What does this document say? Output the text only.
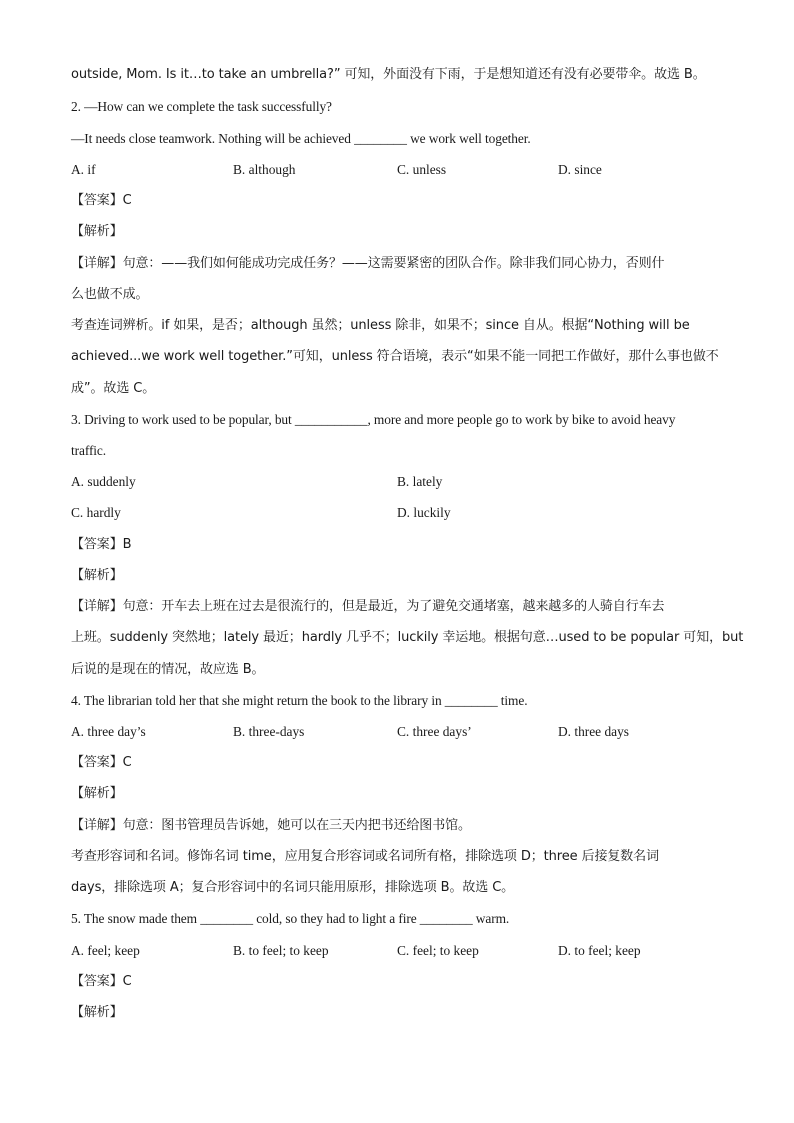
outside, Mom. Is it…to take an umbrella?” 可知，外面没有下雨，于是想知道还有没有必要带伞。故选 B。
2. —How can we complete the task successfully?
—It needs close teamwork. Nothing will be achieved ________ we work well together.
A. if	B. although	C. unless	D. since
【答案】C
【解析】
【详解】句意：——我们如何能成功完成任务？——这需要紧密的团队合作。除非我们同心协力，否则什
么也做不成。
考查连词辨析。if 如果，是否；although 虽然；unless 除非，如果不；since 自从。根据“Nothing will be
achieved...we work well together.”可知，unless 符合语境，表示“如果不能一同把工作做好，那什么事也做不
成”。故选 C。
3. Driving to work used to be popular, but ___________, more and more people go to work by bike to avoid heavy
traffic.
A. suddenly	B. lately
C. hardly	D. luckily
【答案】B
【解析】
【详解】句意：开车去上班在过去是很流行的，但是最近，为了避免交通堵塞，越来越多的人骑自行车去
上班。suddenly 突然地；lately 最近；hardly 几乎不；luckily 幸运地。根据句意…used to be popular 可知，but
后说的是现在的情况，故应选 B。
4. The librarian told her that she might return the book to the library in ________ time.
A. three day’s	B. three-days	C. three days’	D. three days
【答案】C
【解析】
【详解】句意：图书管理员告诉她，她可以在三天内把书还给图书馆。
考查形容词和名词。修饰名词 time，应用复合形容词或名词所有格，排除选项 D；three 后接复数名词
days，排除选项 A；复合形容词中的名词只能用原形，排除选项 B。故选 C。
5. The snow made them ________ cold, so they had to light a fire ________ warm.
A. feel; keep	B. to feel; to keep	C. feel; to keep	D. to feel; keep
【答案】C
【解析】
